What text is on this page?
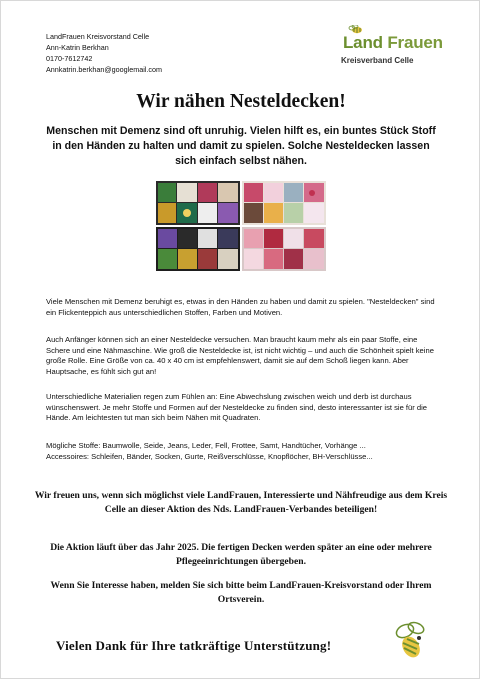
LandFrauen Kreisvorstand Celle
Ann-Katrin Berkhan
0170-7612742
Annkatrin.berkhan@googlemail.com
Land Frauen
Kreisverband Celle
Wir nähen Nesteldecken!
Menschen mit Demenz sind oft unruhig. Vielen hilft es, ein buntes Stück Stoff in den Händen zu halten und damit zu spielen. Solche Nesteldecken lassen sich einfach selbst nähen.

Viele Menschen mit Demenz beruhigt es, etwas in den Händen zu haben und damit zu spielen. "Nesteldecken" sind ein Flickenteppich aus unterschiedlichen Stoffen, Farben und Motiven.

Auch Anfänger können sich an einer Nesteldecke versuchen. Man braucht kaum mehr als ein paar Stoffe, eine Schere und eine Nähmaschine. Wie groß die Nesteldecke ist, ist nicht wichtig – und auch die Schönheit spielt keine große Rolle. Eine Größe von ca. 40 x 40 cm ist empfehlenswert, damit sie auf dem Schoß liegen kann. Aber Hauptsache, es fühlt sich gut an!

Unterschiedliche Materialien regen zum Fühlen an: Eine Abwechslung zwischen weich und derb ist durchaus wünschenswert. Je mehr Stoffe und Formen auf der Nesteldecke zu finden sind, desto interessanter ist sie für die Hände. Am leichtesten tut man sich beim Nähen mit Quadraten.

Mögliche Stoffe: Baumwolle, Seide, Jeans, Leder, Fell, Frottee, Samt, Handtücher, Vorhänge ...

Accessoires: Schleifen, Bänder, Socken, Gurte, Reißverschlüsse, Knopflöcher, BH-Verschlüsse...

Wir freuen uns, wenn sich möglichst viele LandFrauen, Interessierte und Nähfreudige aus dem Kreis Celle an dieser Aktion des Nds. LandFrauen-Verbandes beteiligen!

Die Aktion läuft über das Jahr 2025. Die fertigen Decken werden später an eine oder mehrere Pflegeeinrichtungen übergeben.

Wenn Sie Interesse haben, melden Sie sich bitte beim LandFrauen-Kreisvorstand oder Ihrem Ortsverein.

Vielen Dank für Ihre tatkräftige Unterstützung!
